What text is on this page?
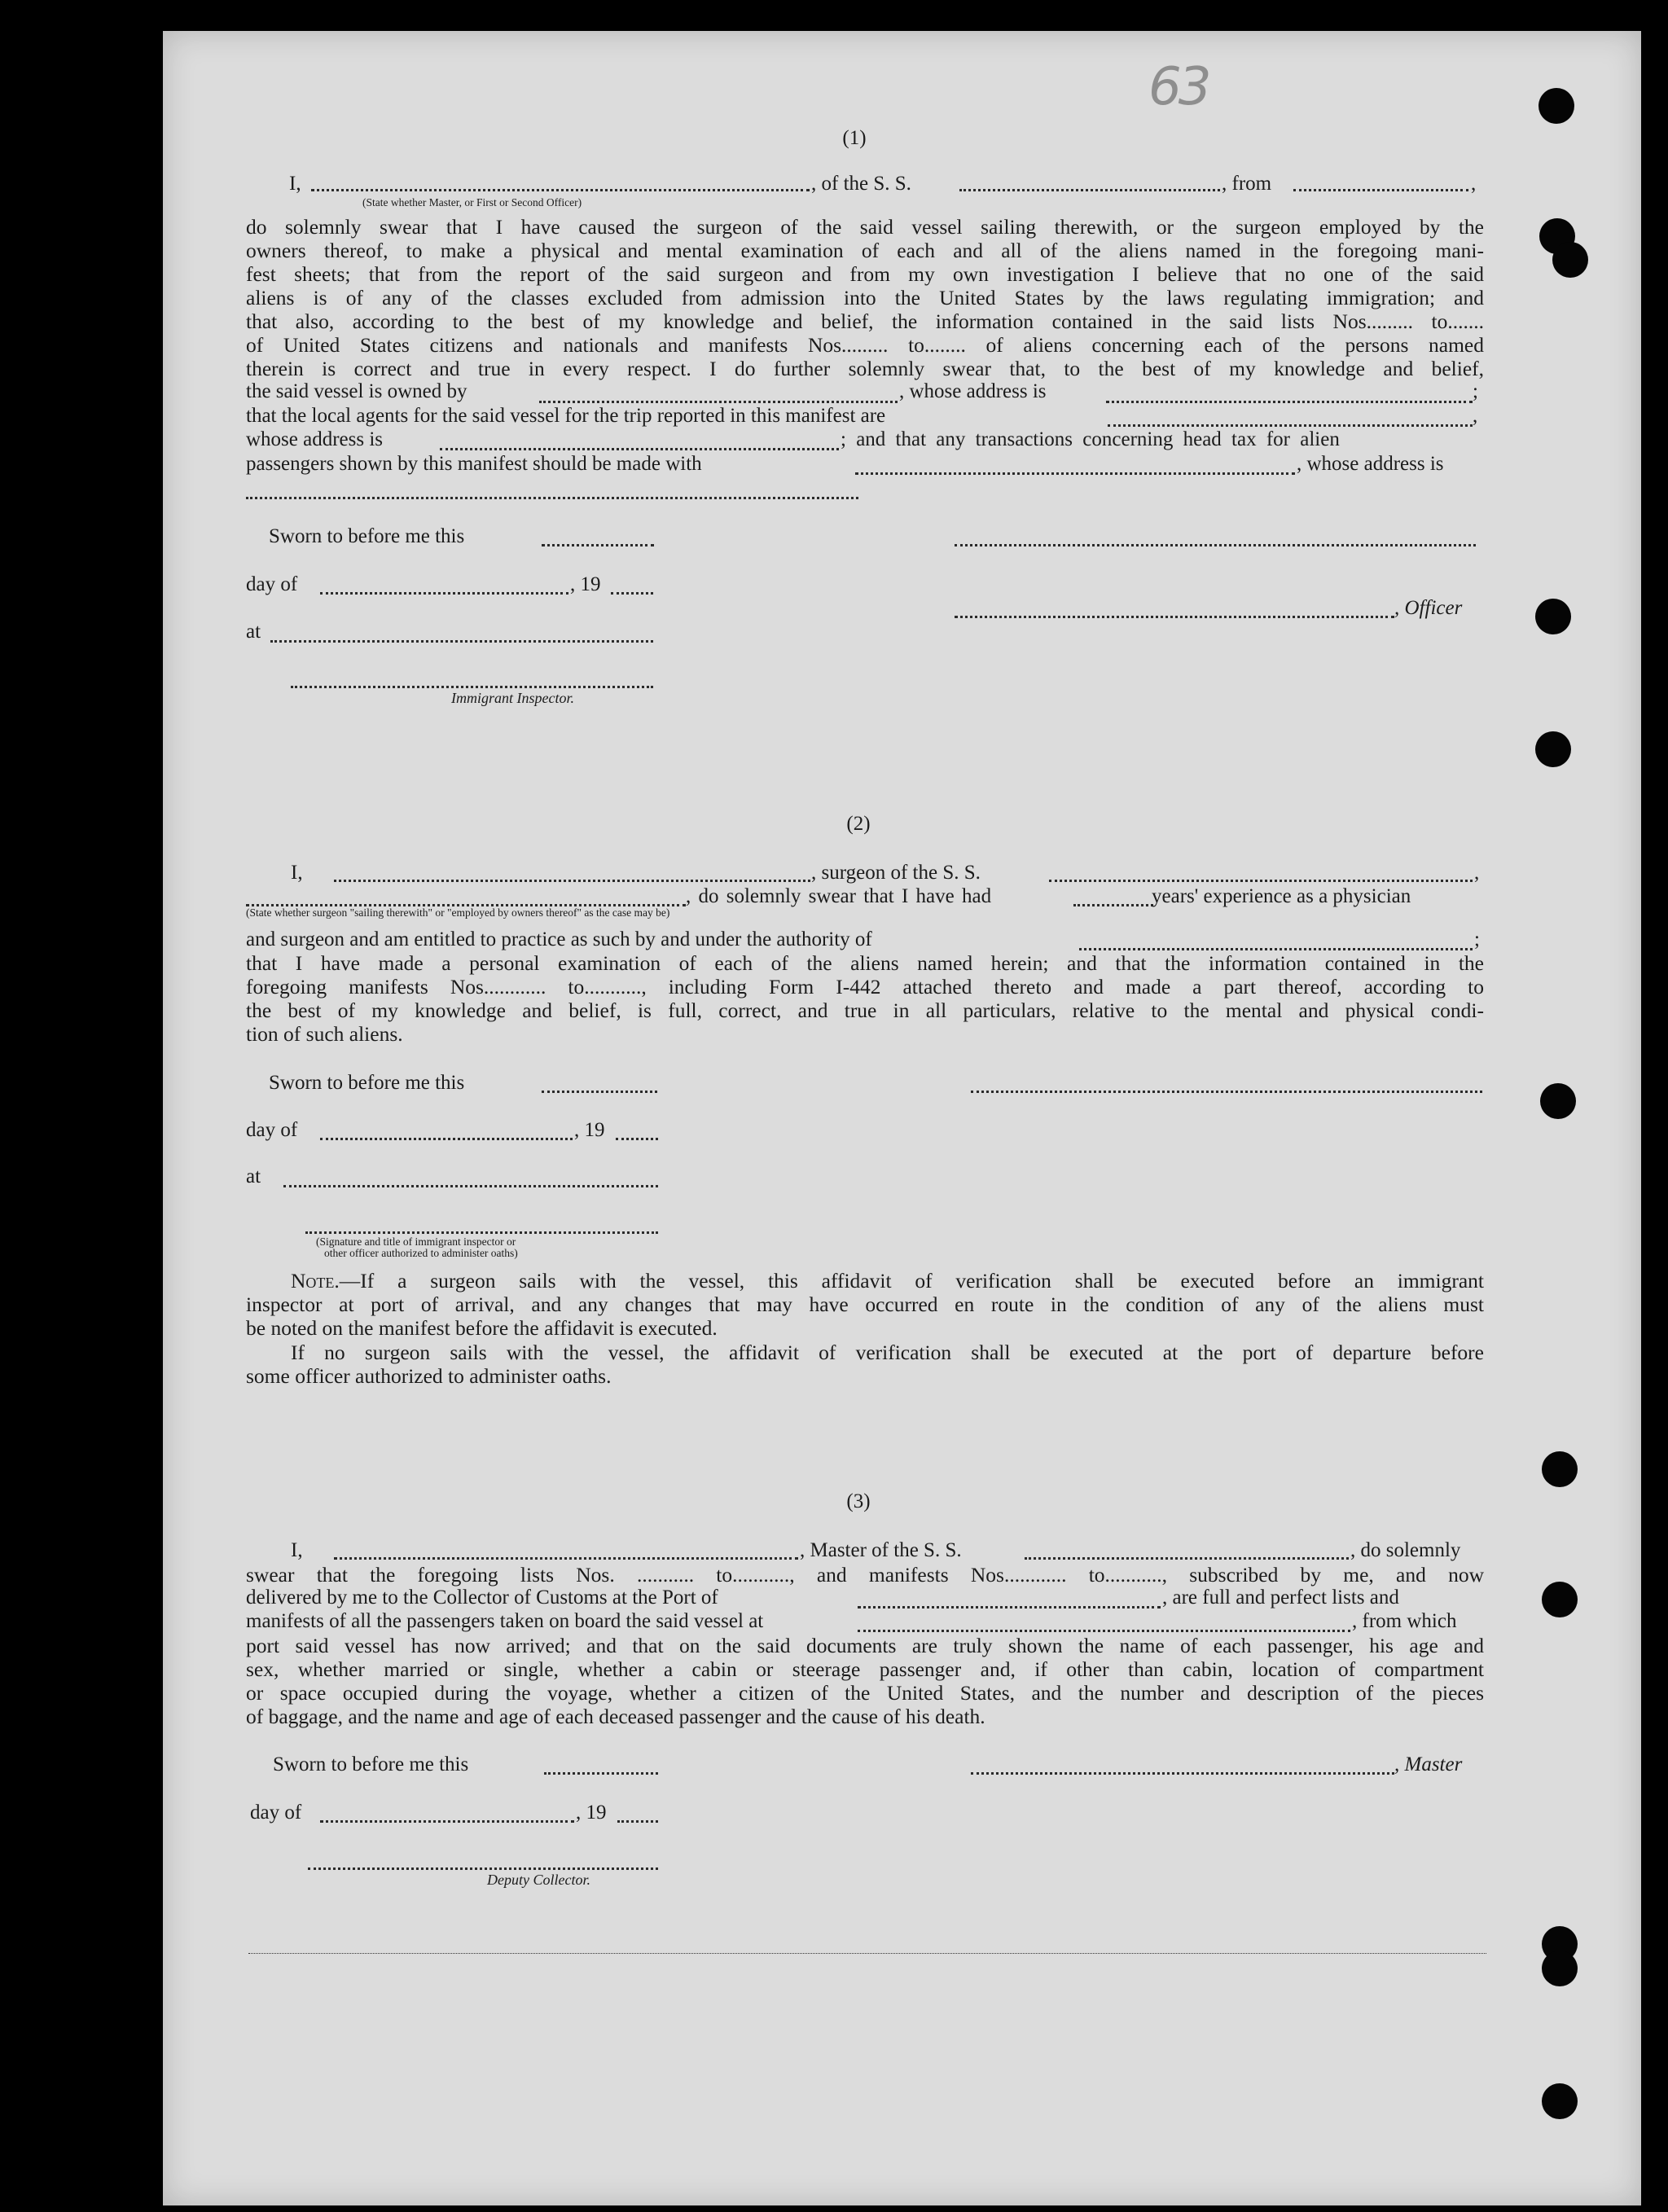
63
(1)
I,
(State whether Master, or First or Second Officer)
, of the S. S.	, from	,
do solemnly swear that I have caused the surgeon of the said vessel sailing therewith, or the surgeon employed by the
owners thereof, to make a physical and mental examination of each and all of the aliens named in the foregoing mani-
fest sheets; that from the report of the said surgeon and from my own investigation I believe that no one of the said
aliens is of any of the classes excluded from admission into the United States by the laws regulating immigration; and
that also, according to the best of my knowledge and belief, the information contained in the said lists Nos......... to.......
of United States citizens and nationals and manifests Nos......... to........ of aliens concerning each of the persons named
therein is correct and true in every respect. I do further solemnly swear that, to the best of my knowledge and belief,
the said vessel is owned by	, whose address is	;
that the local agents for the said vessel for the trip reported in this manifest are	,
whose address is	; and that any transactions concerning head tax for alien
passengers shown by this manifest should be made with	, whose address is
Sworn to before me this
day of	, 19
, Officer
at
Immigrant Inspector.
(2)
I,	, surgeon of the S. S.	,
(State whether surgeon "sailing therewith" or "employed by owners thereof" as the case may be)
, do solemnly swear that I have had	years' experience as a physician
and surgeon and am entitled to practice as such by and under the authority of	;
that I have made a personal examination of each of the aliens named herein; and that the information contained in the
foregoing manifests Nos............ to..........., including Form I-442 attached thereto and made a part thereof, according to
the best of my knowledge and belief, is full, correct, and true in all particulars, relative to the mental and physical condi-
tion of such aliens.
Sworn to before me this
day of	, 19
at
(Signature and title of immigrant inspector or
other officer authorized to administer oaths)
Note.—If a surgeon sails with the vessel, this affidavit of verification shall be executed before an immigrant
inspector at port of arrival, and any changes that may have occurred en route in the condition of any of the aliens must
be noted on the manifest before the affidavit is executed.
If no surgeon sails with the vessel, the affidavit of verification shall be executed at the port of departure before
some officer authorized to administer oaths.
(3)
I,	, Master of the S. S.	, do solemnly
swear that the foregoing lists Nos. ........... to..........., and manifests Nos............ to..........., subscribed by me, and now
delivered by me to the Collector of Customs at the Port of	, are full and perfect lists and
manifests of all the passengers taken on board the said vessel at	, from which
port said vessel has now arrived; and that on the said documents are truly shown the name of each passenger, his age and
sex, whether married or single, whether a cabin or steerage passenger and, if other than cabin, location of compartment
or space occupied during the voyage, whether a citizen of the United States, and the number and description of the pieces
of baggage, and the name and age of each deceased passenger and the cause of his death.
Sworn to before me this	, Master
day of	, 19
Deputy Collector.
